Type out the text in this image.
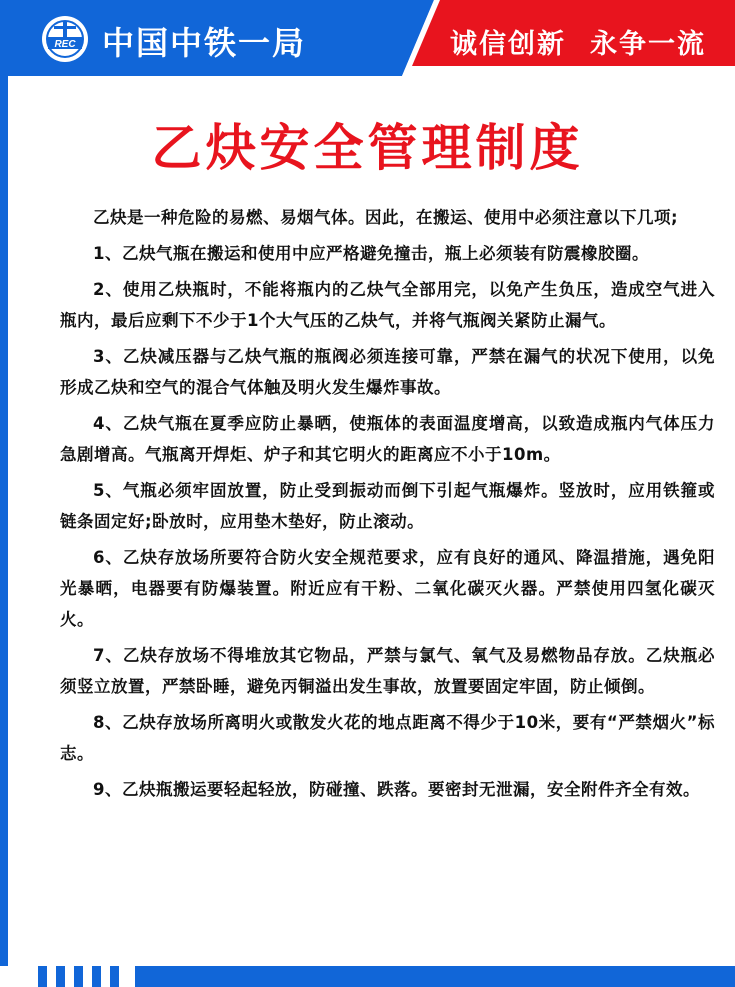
REC 中国中铁一局	诚信创新 永争一流
乙炔安全管理制度

乙炔是一种危险的易燃、易烟气体。因此，在搬运、使用中必须注意以下几项;

1、乙炔气瓶在搬运和使用中应严格避免撞击，瓶上必须装有防震橡胶圈。

2、使用乙炔瓶时，不能将瓶内的乙炔气全部用完，以免产生负压，造成空气进入瓶内，最后应剩下不少于1个大气压的乙炔气，并将气瓶阀关紧防止漏气。

3、乙炔减压器与乙炔气瓶的瓶阀必须连接可靠，严禁在漏气的状况下使用，以免形成乙炔和空气的混合气体触及明火发生爆炸事故。

4、乙炔气瓶在夏季应防止暴晒，使瓶体的表面温度增高，以致造成瓶内气体压力急剧增高。气瓶离开焊炬、炉子和其它明火的距离应不小于10m。

5、气瓶必须牢固放置，防止受到振动而倒下引起气瓶爆炸。竖放时，应用铁箍或链条固定好;卧放时，应用垫木垫好，防止滚动。

6、乙炔存放场所要符合防火安全规范要求，应有良好的通风、降温措施，遇免阳光暴晒，电器要有防爆装置。附近应有干粉、二氧化碳灭火器。严禁使用四氢化碳灭火。

7、乙炔存放场不得堆放其它物品，严禁与氯气、氧气及易燃物品存放。乙炔瓶必须竖立放置，严禁卧睡，避免丙铜溢出发生事故，放置要固定牢固，防止倾倒。

8、乙炔存放场所离明火或散发火花的地点距离不得少于10米，要有“严禁烟火”标志。

9、乙炔瓶搬运要轻起轻放，防碰撞、跌落。要密封无泄漏，安全附件齐全有效。
